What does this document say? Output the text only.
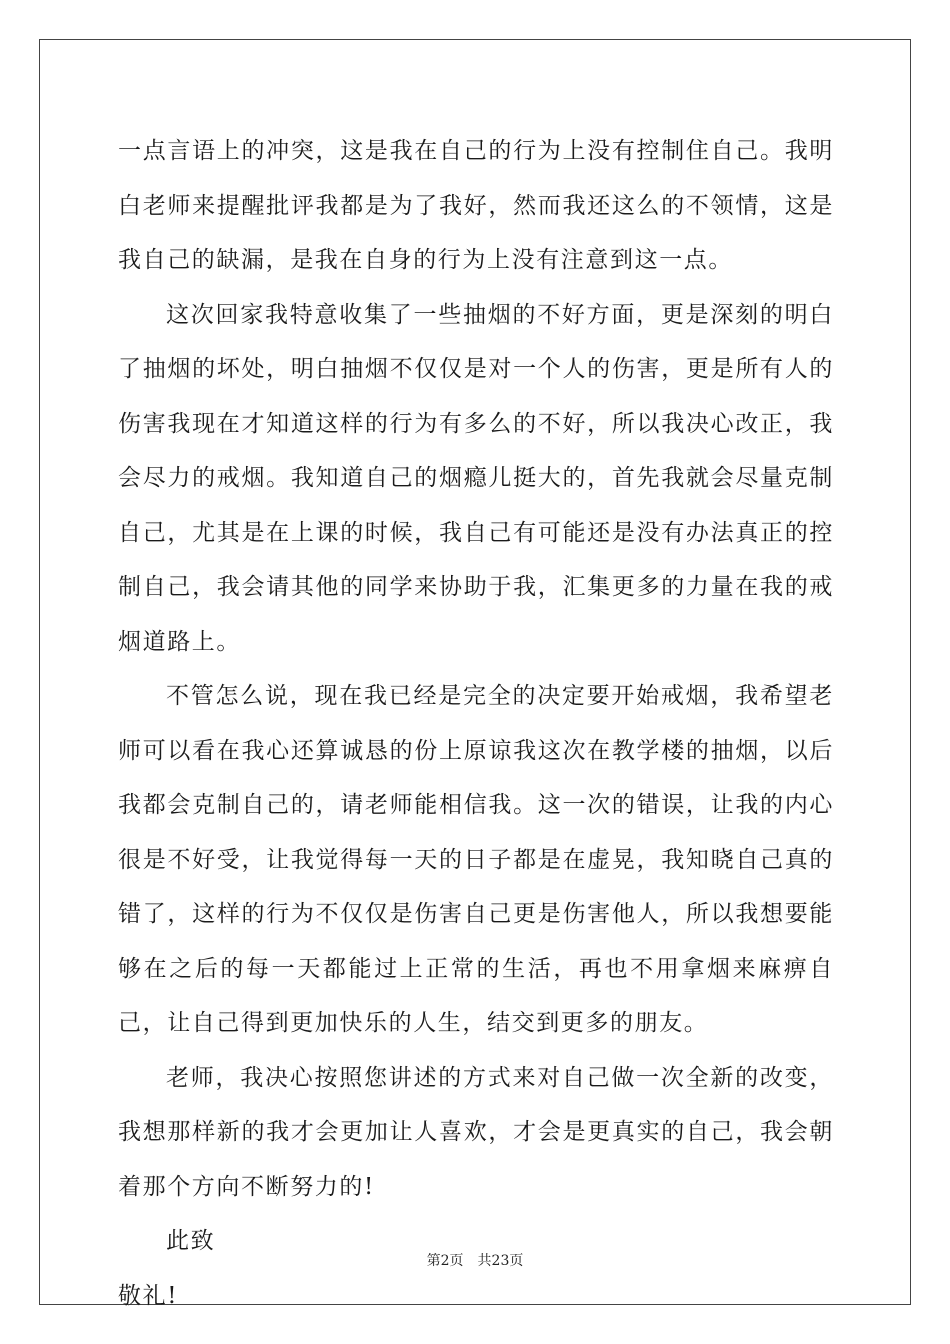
一点言语上的冲突，这是我在自己的行为上没有控制住自己。我明白老师来提醒批评我都是为了我好，然而我还这么的不领情，这是我自己的缺漏，是我在自身的行为上没有注意到这一点。

这次回家我特意收集了一些抽烟的不好方面，更是深刻的明白了抽烟的坏处，明白抽烟不仅仅是对一个人的伤害，更是所有人的伤害我现在才知道这样的行为有多么的不好，所以我决心改正，我会尽力的戒烟。我知道自己的烟瘾儿挺大的，首先我就会尽量克制自己，尤其是在上课的时候，我自己有可能还是没有办法真正的控制自己，我会请其他的同学来协助于我，汇集更多的力量在我的戒烟道路上。

不管怎么说，现在我已经是完全的决定要开始戒烟，我希望老师可以看在我心还算诚恳的份上原谅我这次在教学楼的抽烟，以后我都会克制自己的，请老师能相信我。这一次的错误，让我的内心很是不好受，让我觉得每一天的日子都是在虚晃，我知晓自己真的错了，这样的行为不仅仅是伤害自己更是伤害他人，所以我想要能够在之后的每一天都能过上正常的生活，再也不用拿烟来麻痹自己，让自己得到更加快乐的人生，结交到更多的朋友。

老师，我决心按照您讲述的方式来对自己做一次全新的改变，我想那样新的我才会更加让人喜欢，才会是更真实的自己，我会朝着那个方向不断努力的!

此致

敬礼!

第2页 共23页
